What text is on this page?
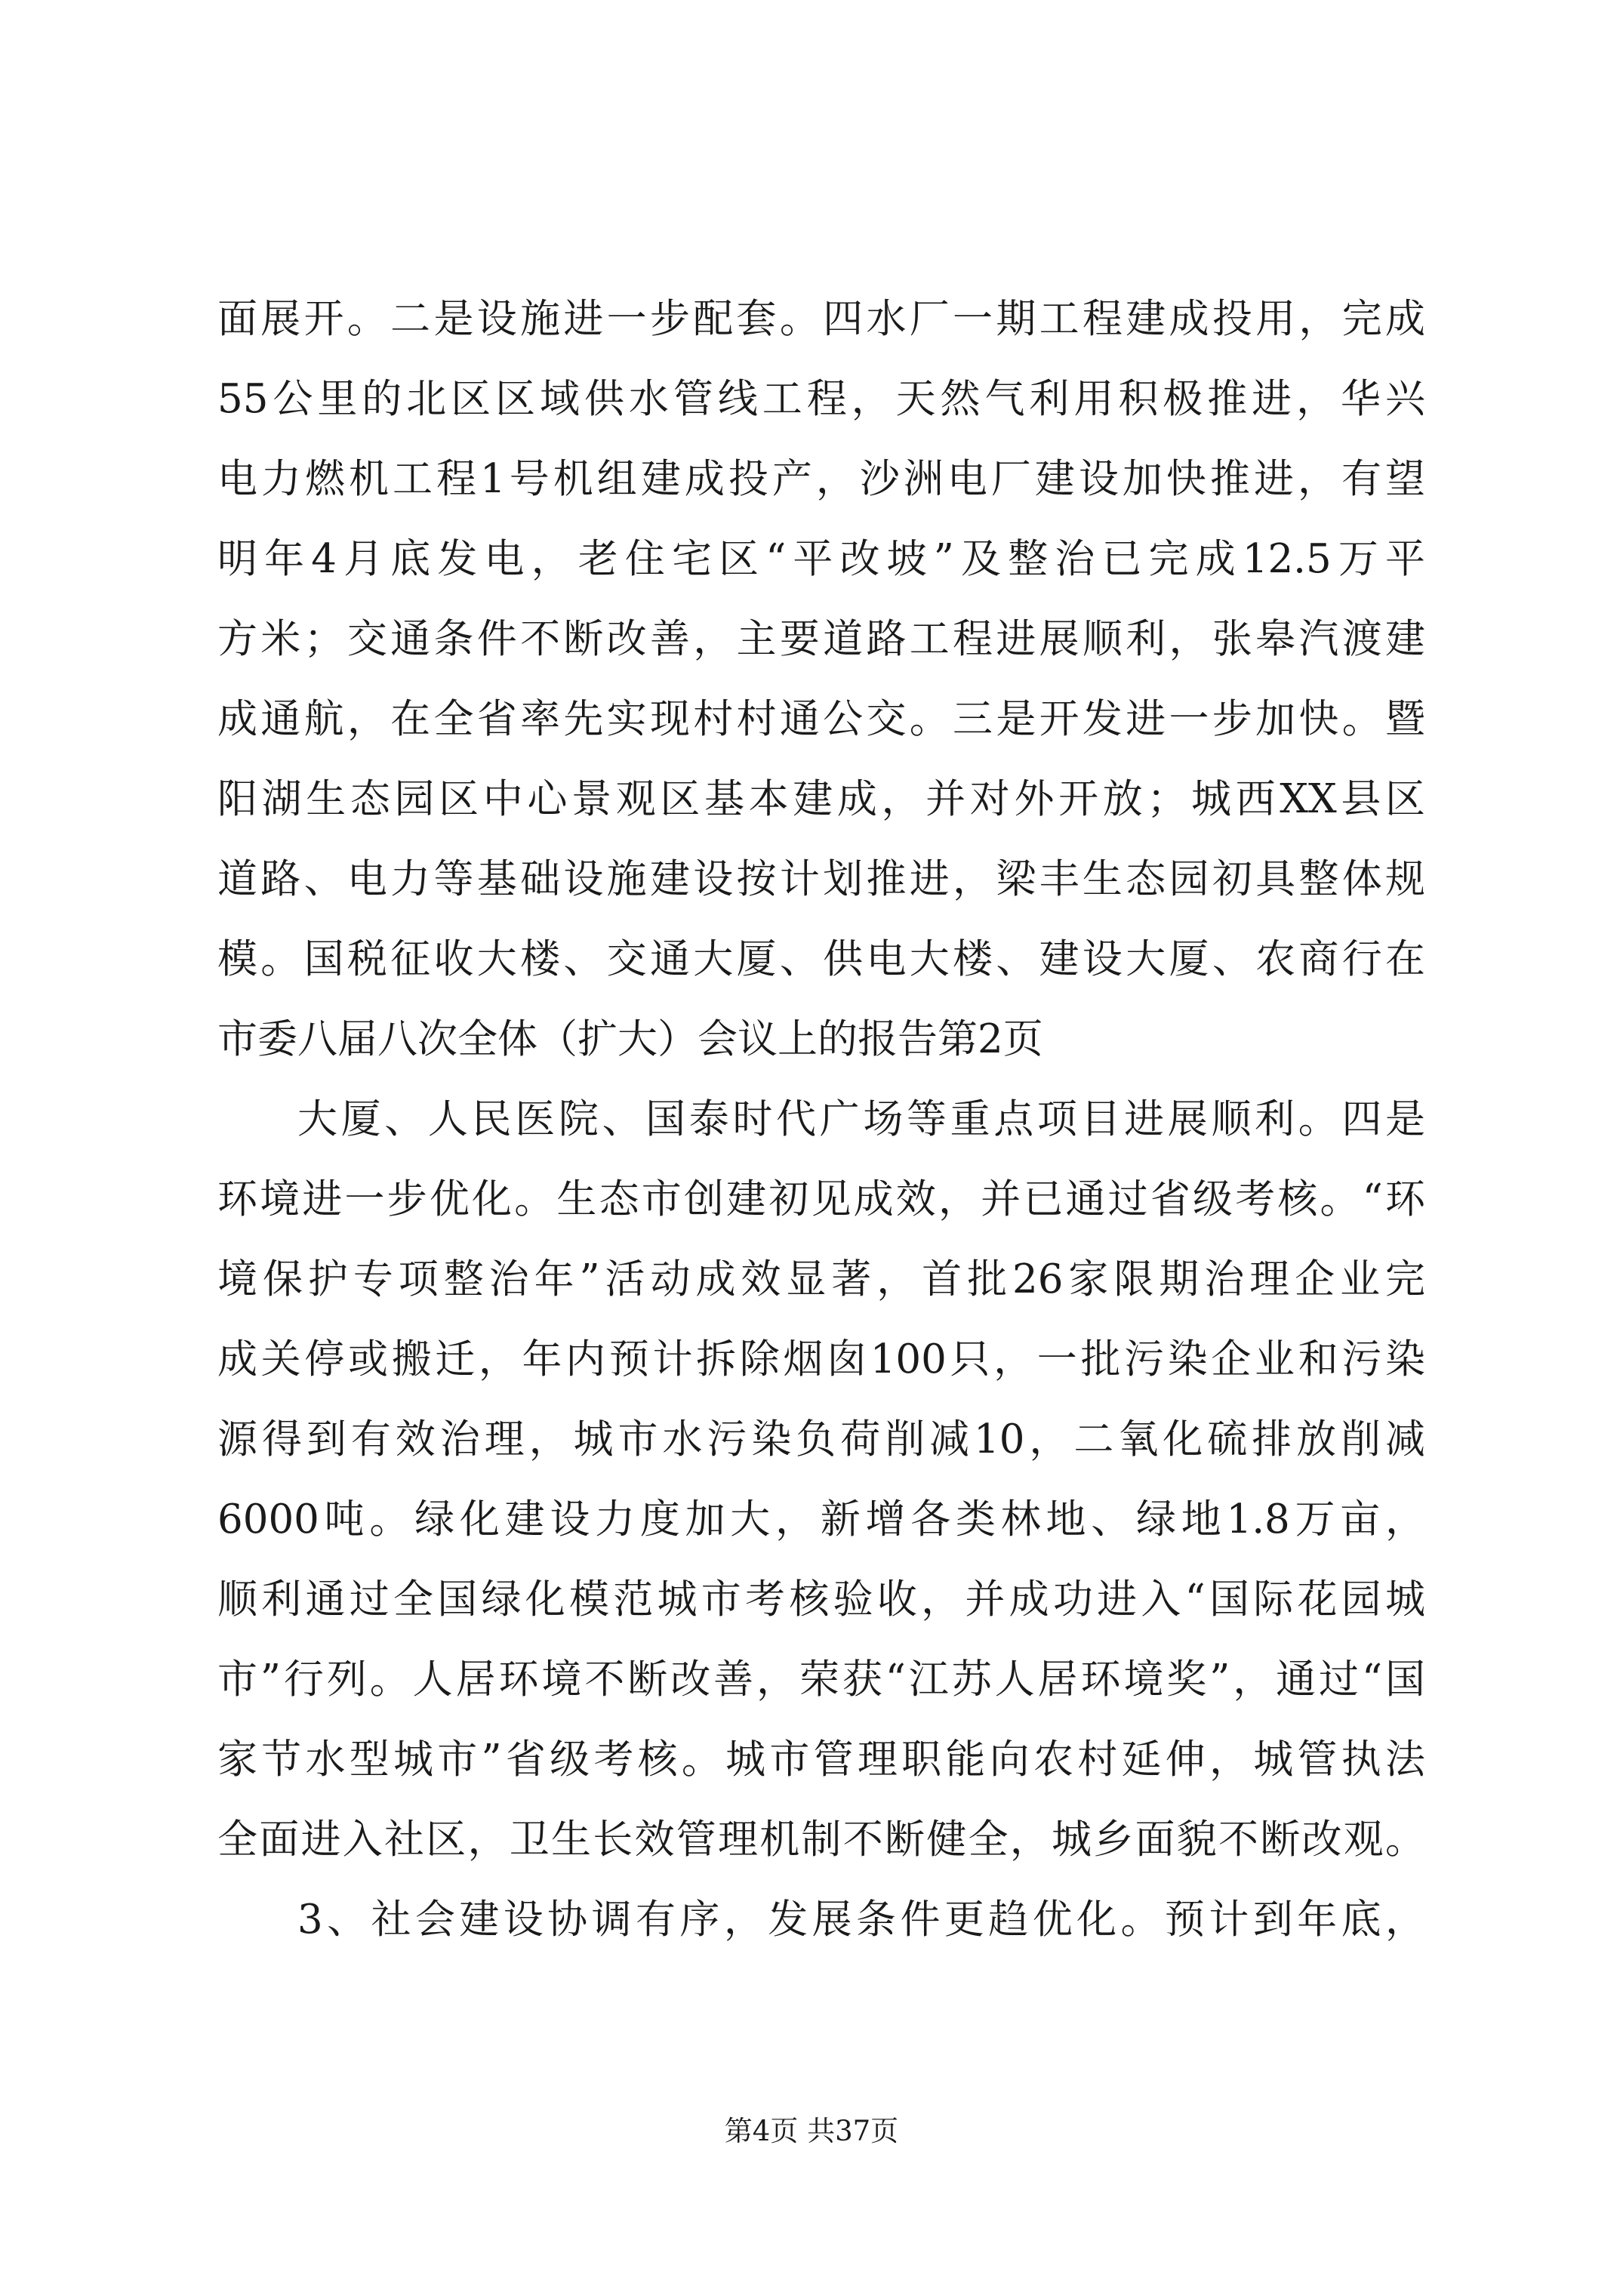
面展开。二是设施进一步配套。四水厂一期工程建成投用，完成
55公里的北区区域供水管线工程，天然气利用积极推进，华兴
电力燃机工程1号机组建成投产，沙洲电厂建设加快推进，有望
明年4月底发电，老住宅区“平改坡”及整治已完成12.5万平
方米；交通条件不断改善，主要道路工程进展顺利，张皋汽渡建
成通航，在全省率先实现村村通公交。三是开发进一步加快。暨
阳湖生态园区中心景观区基本建成，并对外开放；城西XX县区
道路、电力等基础设施建设按计划推进，梁丰生态园初具整体规
模。国税征收大楼、交通大厦、供电大楼、建设大厦、农商行在
市委八届八次全体（扩大）会议上的报告第2页
大厦、人民医院、国泰时代广场等重点项目进展顺利。四是
环境进一步优化。生态市创建初见成效，并已通过省级考核。“环
境保护专项整治年”活动成效显著，首批26家限期治理企业完
成关停或搬迁，年内预计拆除烟囱100只，一批污染企业和污染
源得到有效治理，城市水污染负荷削减10，二氧化硫排放削减
6000吨。绿化建设力度加大，新增各类林地、绿地1.8万亩，
顺利通过全国绿化模范城市考核验收，并成功进入“国际花园城
市”行列。人居环境不断改善，荣获“江苏人居环境奖”，通过“国
家节水型城市”省级考核。城市管理职能向农村延伸，城管执法
全面进入社区，卫生长效管理机制不断健全，城乡面貌不断改观。
3、社会建设协调有序，发展条件更趋优化。预计到年底，
第4页 共37页
